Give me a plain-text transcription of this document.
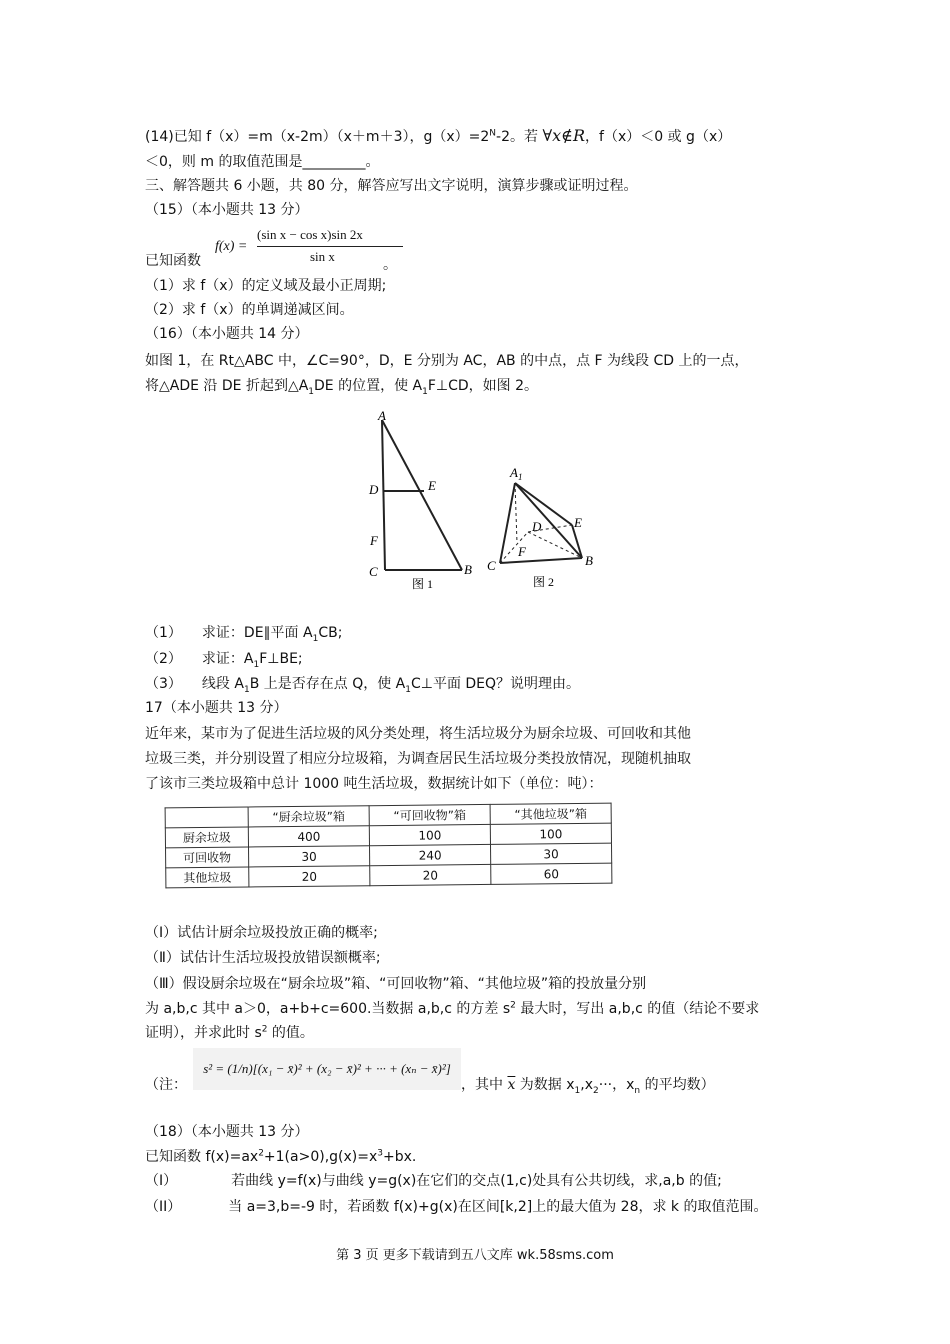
(14)已知 f（x）=m（x-2m）（x＋m＋3），$g(x)=2^N-2$。若 ∀x∉R，f（x）＜0 或 g（x）
＜0，则 m 的取值范围是_________。
三、解答题共 6 小题，共 80 分，解答应写出文字说明，演算步骤或证明过程。
（15）（本小题共 13 分）
已知函数
f(x) =
(sin x − cos x)sin 2x
sin x
。
（1）求 f（x）的定义域及最小正周期;
（2）求 f（x）的单调递减区间。
（16）（本小题共 14 分）
如图 1，在 Rt△ABC 中，∠C=90°，D，E 分别为 AC，AB 的中点，点 F 为线段 CD 上的一点，
将△ADE 沿 DE 折起到$\triangle A_1DE$ 的位置，使 $A_1F\perp CD$，如图 2。
A
D	E
F
C	B
图 1
$A_1$
D	E
F
C	B
图 2
（1） 求证：DE∥平面 $A_1CB$;
（2） 求证：$A_1F\perp BE$;
（3） 线段 $A_1B$ 上是否存在点 Q，使 $A_1C\perp$平面 DEQ？说明理由。
17（本小题共 13 分）
近年来，某市为了促进生活垃圾的风分类处理，将生活垃圾分为厨余垃圾、可回收和其他
垃圾三类，并分别设置了相应分垃圾箱，为调查居民生活垃圾分类投放情况，现随机抽取
了该市三类垃圾箱中总计 1000 吨生活垃圾，数据统计如下（单位：吨）：
	“厨余垃圾”箱	“可回收物”箱	“其他垃圾”箱
厨余垃圾	400	100	100
可回收物	30	240	30
其他垃圾	20	20	60
（Ⅰ）试估计厨余垃圾投放正确的概率;
（Ⅱ）试估计生活垃圾投放错误额概率;
（Ⅲ）假设厨余垃圾在“厨余垃圾”箱、“可回收物”箱、“其他垃圾”箱的投放量分别
为 a,b,c 其中 a＞0，a+b+c=600.当数据 a,b,c 的方差 $s^2$ 最大时，写出 a,b,c 的值（结论不要求
证明），并求此时 $s^2$ 的值。
（注：
s² = (1/n)[(x₁ − x̄)² + (x₂ − x̄)² + ··· + (xₙ − x̄)²]
，其中 $\overline{x}$ 为数据 $x_1,x_2\cdot\cdot\cdot$，$x_n$ 的平均数）
（18）（本小题共 13 分）
已知函数 $f(x)=ax^2+1(a>0),g(x)=x^3+bx$.
（I）	若曲线 y=f(x)与曲线 y=g(x)在它们的交点(1,c)处具有公共切线，求,a,b 的值;
（II）	当 a=3,b=-9 时，若函数 f(x)+g(x)在区间[k,2]上的最大值为 28，求 k 的取值范围。
第 3 页 更多下载请到五八文库 wk.58sms.com
